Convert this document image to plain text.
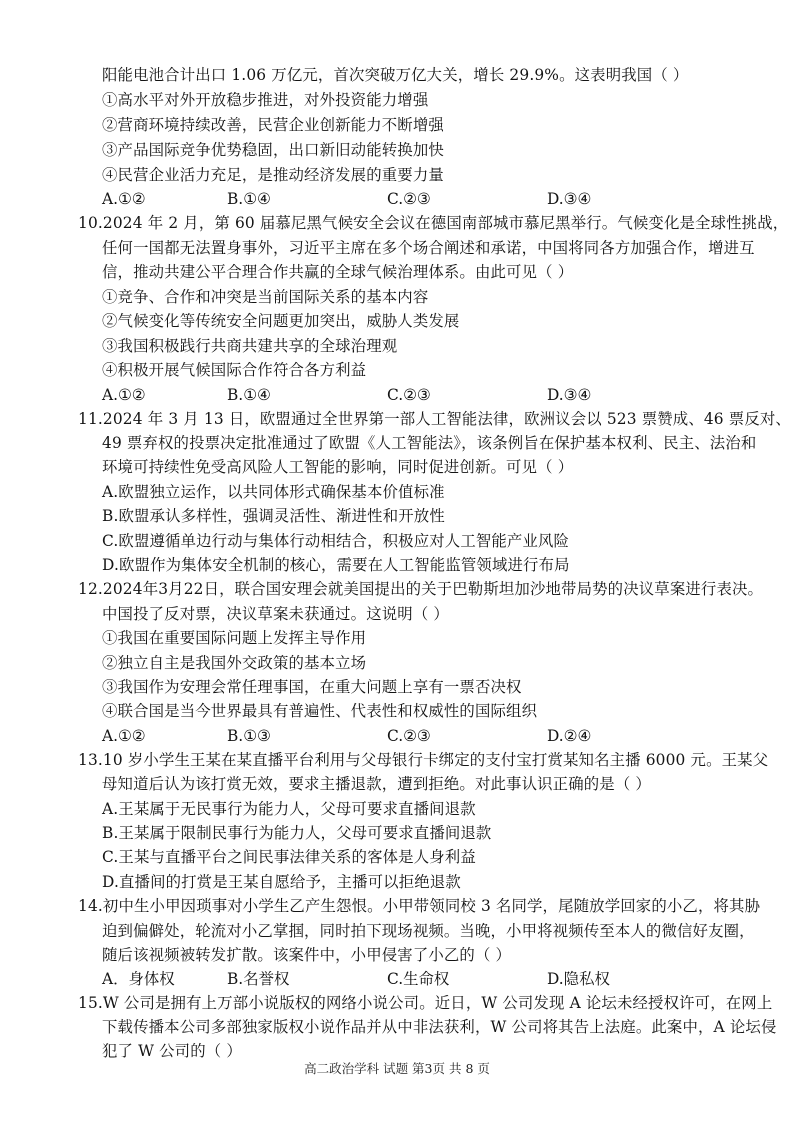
阳能电池合计出口 1.06 万亿元，首次突破万亿大关，增长 29.9%。这表明我国（ ）
①高水平对外开放稳步推进，对外投资能力增强
②营商环境持续改善，民营企业创新能力不断增强
③产品国际竞争优势稳固，出口新旧动能转换加快
④民营企业活力充足，是推动经济发展的重要力量
A.①②	B.①④	C.②③	D.③④
10.2024 年 2 月，第 60 届慕尼黑气候安全会议在德国南部城市慕尼黑举行。气候变化是全球性挑战，
任何一国都无法置身事外，习近平主席在多个场合阐述和承诺，中国将同各方加强合作，增进互
信，推动共建公平合理合作共赢的全球气候治理体系。由此可见（ ）
①竞争、合作和冲突是当前国际关系的基本内容
②气候变化等传统安全问题更加突出，威胁人类发展
③我国积极践行共商共建共享的全球治理观
④积极开展气候国际合作符合各方利益
A.①②	B.①④	C.②③	D.③④
11.2024 年 3 月 13 日，欧盟通过全世界第一部人工智能法律，欧洲议会以 523 票赞成、46 票反对、
49 票弃权的投票决定批准通过了欧盟《人工智能法》，该条例旨在保护基本权利、民主、法治和
环境可持续性免受高风险人工智能的影响，同时促进创新。可见（ ）
A.欧盟独立运作，以共同体形式确保基本价值标准
B.欧盟承认多样性，强调灵活性、渐进性和开放性
C.欧盟遵循单边行动与集体行动相结合，积极应对人工智能产业风险
D.欧盟作为集体安全机制的核心，需要在人工智能监管领域进行布局
12.2024年3月22日，联合国安理会就美国提出的关于巴勒斯坦加沙地带局势的决议草案进行表决。
中国投了反对票，决议草案未获通过。这说明（ ）
①我国在重要国际问题上发挥主导作用
②独立自主是我国外交政策的基本立场
③我国作为安理会常任理事国，在重大问题上享有一票否决权
④联合国是当今世界最具有普遍性、代表性和权威性的国际组织
A.①②	B.①③	C.②③	D.②④
13.10 岁小学生王某在某直播平台利用与父母银行卡绑定的支付宝打赏某知名主播 6000 元。王某父
母知道后认为该打赏无效，要求主播退款，遭到拒绝。对此事认识正确的是（ ）
A.王某属于无民事行为能力人，父母可要求直播间退款
B.王某属于限制民事行为能力人，父母可要求直播间退款
C.王某与直播平台之间民事法律关系的客体是人身利益
D.直播间的打赏是王某自愿给予，主播可以拒绝退款
14.初中生小甲因琐事对小学生乙产生怨恨。小甲带领同校 3 名同学，尾随放学回家的小乙，将其胁
迫到偏僻处，轮流对小乙掌掴，同时拍下现场视频。当晚，小甲将视频传至本人的微信好友圈，
随后该视频被转发扩散。该案件中，小甲侵害了小乙的（ ）
A．身体权	B.名誉权	C.生命权	D.隐私权
15.W 公司是拥有上万部小说版权的网络小说公司。近日，W 公司发现 A 论坛未经授权许可，在网上
下载传播本公司多部独家版权小说作品并从中非法获利，W 公司将其告上法庭。此案中，A 论坛侵
犯了 W 公司的（ ）
高二政治学科 试题 第3页 共 8 页
